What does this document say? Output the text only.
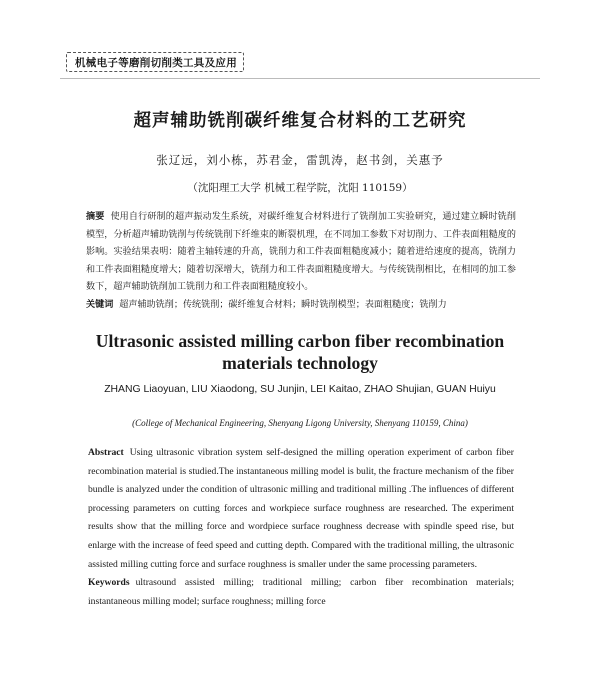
机械电子等磨削切削类工具及应用
超声辅助铣削碳纤维复合材料的工艺研究
张辽远，刘小栋，苏君金，雷凯涛，赵书剑，关惠予
（沈阳理工大学 机械工程学院，沈阳 110159）
摘要 使用自行研制的超声振动发生系统，对碳纤维复合材料进行了铣削加工实验研究，通过建立瞬时铣削模型，分析超声辅助铣削与传统铣削下纤维束的断裂机理，在不同加工参数下对切削力、工件表面粗糙度的影响。实验结果表明：随着主轴转速的升高，铣削力和工件表面粗糙度减小；随着进给速度的提高，铣削力和工件表面粗糙度增大；随着切深增大，铣削力和工件表面粗糙度增大。与传统铣削相比，在相同的加工参数下，超声辅助铣削加工铣削力和工件表面粗糙度较小。
关键词 超声辅助铣削；传统铣削；碳纤维复合材料；瞬时铣削模型；表面粗糙度；铣削力
Ultrasonic assisted milling carbon fiber recombination
materials technology
ZHANG Liaoyuan, LIU Xiaodong, SU Junjin, LEI Kaitao, ZHAO Shujian, GUAN Huiyu
(College of Mechanical Engineering, Shenyang Ligong University, Shenyang 110159, China)
Abstract Using ultrasonic vibration system self-designed the milling operation experiment of carbon fiber recombination material is studied.The instantaneous milling model is bulit, the fracture mechanism of the fiber bundle is analyzed under the condition of ultrasonic milling and traditional milling .The influences of different processing parameters on cutting forces and workpiece surface roughness are researched. The experiment results show that the milling force and wordpiece surface roughness decrease with spindle speed rise, but enlarge with the increase of feed speed and cutting depth. Compared with the traditional milling, the ultrasonic assisted milling cutting force and surface roughness is smaller under the same processing parameters.
Keywords ultrasound assisted milling; traditional milling; carbon fiber recombination materials; instantaneous milling model; surface roughness; milling force
